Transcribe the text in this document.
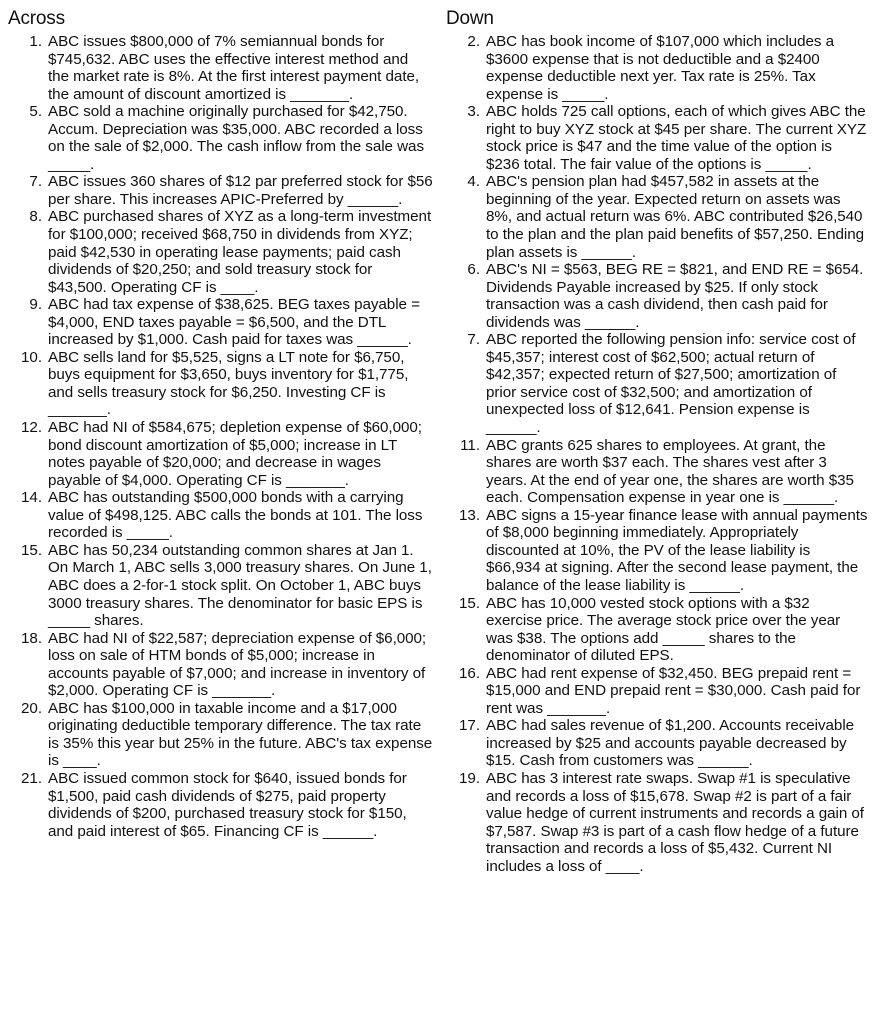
Across
1. ABC issues $800,000 of 7% semiannual bonds for $745,632. ABC uses the effective interest method and the market rate is 8%. At the first interest payment date, the amount of discount amortized is _______.
5. ABC sold a machine originally purchased for $42,750. Accum. Depreciation was $35,000. ABC recorded a loss on the sale of $2,000. The cash inflow from the sale was _____.
7. ABC issues 360 shares of $12 par preferred stock for $56 per share. This increases APIC-Preferred by ______.
8. ABC purchased shares of XYZ as a long-term investment for $100,000; received $68,750 in dividends from XYZ; paid $42,530 in operating lease payments; paid cash dividends of $20,250; and sold treasury stock for $43,500. Operating CF is ____.
9. ABC had tax expense of $38,625. BEG taxes payable = $4,000, END taxes payable = $6,500, and the DTL increased by $1,000. Cash paid for taxes was ______.
10. ABC sells land for $5,525, signs a LT note for $6,750, buys equipment for $3,650, buys inventory for $1,775, and sells treasury stock for $6,250. Investing CF is _______.
12. ABC had NI of $584,675; depletion expense of $60,000; bond discount amortization of $5,000; increase in LT notes payable of $20,000; and decrease in wages payable of $4,000. Operating CF is _______.
14. ABC has outstanding $500,000 bonds with a carrying value of $498,125. ABC calls the bonds at 101. The loss recorded is _____.
15. ABC has 50,234 outstanding common shares at Jan 1. On March 1, ABC sells 3,000 treasury shares. On June 1, ABC does a 2-for-1 stock split. On October 1, ABC buys 3000 treasury shares. The denominator for basic EPS is _____ shares.
18. ABC had NI of $22,587; depreciation expense of $6,000; loss on sale of HTM bonds of $5,000; increase in accounts payable of $7,000; and increase in inventory of $2,000. Operating CF is _______.
20. ABC has $100,000 in taxable income and a $17,000 originating deductible temporary difference. The tax rate is 35% this year but 25% in the future. ABC's tax expense is ____.
21. ABC issued common stock for $640, issued bonds for $1,500, paid cash dividends of $275, paid property dividends of $200, purchased treasury stock for $150, and paid interest of $65. Financing CF is ______.
Down
2. ABC has book income of $107,000 which includes a $3600 expense that is not deductible and a $2400 expense deductible next yer. Tax rate is 25%. Tax expense is _____.
3. ABC holds 725 call options, each of which gives ABC the right to buy XYZ stock at $45 per share. The current XYZ stock price is $47 and the time value of the option is $236 total. The fair value of the options is _____.
4. ABC's pension plan had $457,582 in assets at the beginning of the year. Expected return on assets was 8%, and actual return was 6%. ABC contributed $26,540 to the plan and the plan paid benefits of $57,250. Ending plan assets is ______.
6. ABC's NI = $563, BEG RE = $821, and END RE = $654. Dividends Payable increased by $25. If only stock transaction was a cash dividend, then cash paid for dividends was ______.
7. ABC reported the following pension info: service cost of $45,357; interest cost of $62,500; actual return of $42,357; expected return of $27,500; amortization of prior service cost of $32,500; and amortization of unexpected loss of $12,641. Pension expense is ______.
11. ABC grants 625 shares to employees. At grant, the shares are worth $37 each. The shares vest after 3 years. At the end of year one, the shares are worth $35 each. Compensation expense in year one is ______.
13. ABC signs a 15-year finance lease with annual payments of $8,000 beginning immediately. Appropriately discounted at 10%, the PV of the lease liability is $66,934 at signing. After the second lease payment, the balance of the lease liability is ______.
15. ABC has 10,000 vested stock options with a $32 exercise price. The average stock price over the year was $38. The options add _____ shares to the denominator of diluted EPS.
16. ABC had rent expense of $32,450. BEG prepaid rent = $15,000 and END prepaid rent = $30,000. Cash paid for rent was _______.
17. ABC had sales revenue of $1,200. Accounts receivable increased by $25 and accounts payable decreased by $15. Cash from customers was ______.
19. ABC has 3 interest rate swaps. Swap #1 is speculative and records a loss of $15,678. Swap #2 is part of a fair value hedge of current instruments and records a gain of $7,587. Swap #3 is part of a cash flow hedge of a future transaction and records a loss of $5,432. Current NI includes a loss of ____.
